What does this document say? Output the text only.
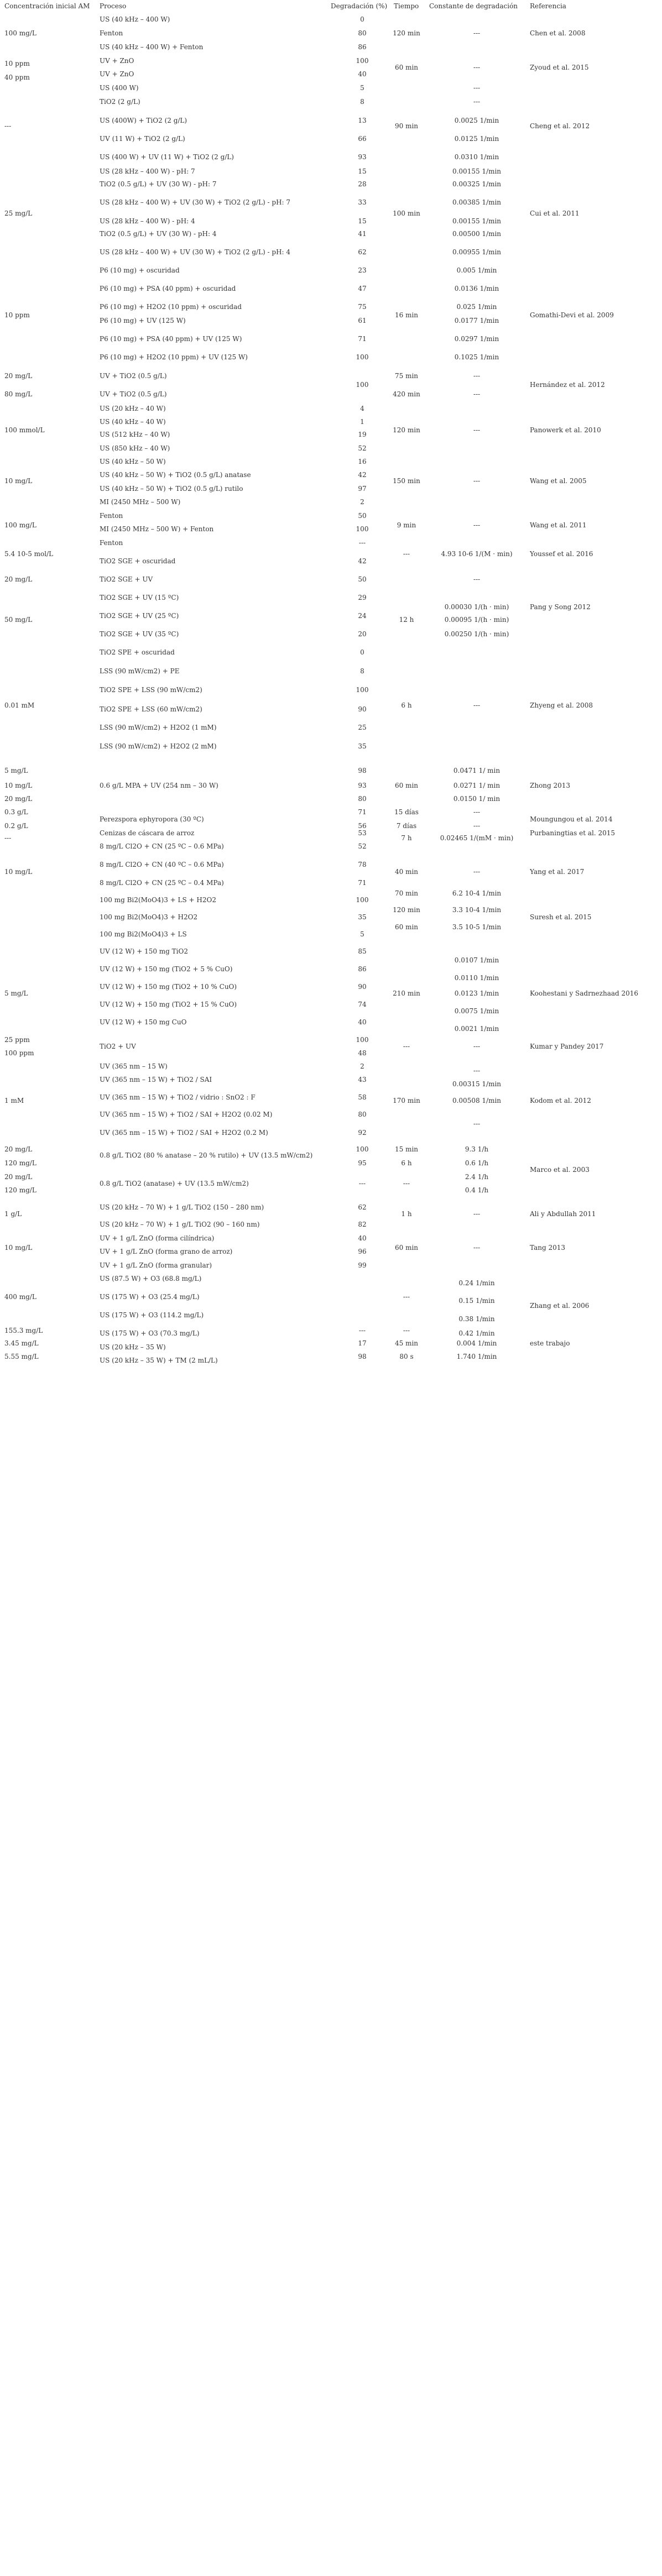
Concentración inicial AM Proceso	Degradación (%) Tiempo Constante de degradación Referencia
100 mg/L
10 ppm
40 ppm
---
25 mg/L
10 ppm
20 mg/L
80 mg/L
100 mmol/L
10 mg/L
100 mg/L
5.4 10-5 mol/L
20 mg/L
50 mg/L
0.01 mM
5 mg/L
10 mg/L
20 mg/L
0.3 g/L
0.2 g/L
---
10 mg/L
5 mg/L
25 ppm
100 ppm
1 mM
20 mg/L
120 mg/L
20 mg/L
120 mg/L
1 g/L
10 mg/L
400 mg/L
155.3 mg/L
3.45 mg/L
5.55 mg/L
US (40 kHz – 400 W)
Fenton
US (40 kHz – 400 W) + Fenton
UV + ZnO
UV + ZnO
US (400 W)
TiO2 (2 g/L)
US (400W) + TiO2 (2 g/L)
UV (11 W) + TiO2 (2 g/L)
US (400 W) + UV (11 W) + TiO2 (2 g/L)
US (28 kHz – 400 W) - pH: 7
TiO2 (0.5 g/L) + UV (30 W) - pH: 7
US (28 kHz – 400 W) + UV (30 W) + TiO2 (2 g/L) - pH: 7
US (28 kHz – 400 W) - pH: 4
TiO2 (0.5 g/L) + UV (30 W) - pH: 4
US (28 kHz – 400 W) + UV (30 W) + TiO2 (2 g/L) - pH: 4
P6 (10 mg) + oscuridad
P6 (10 mg) + PSA (40 ppm) + oscuridad
P6 (10 mg) + H2O2 (10 ppm) + oscuridad
P6 (10 mg) + UV (125 W)
P6 (10 mg) + PSA (40 ppm) + UV (125 W)
P6 (10 mg) + H2O2 (10 ppm) + UV (125 W)
UV + TiO2 (0.5 g/L)
UV + TiO2 (0.5 g/L)
US (20 kHz – 40 W)
US (40 kHz – 40 W)
US (512 kHz – 40 W)
US (850 kHz – 40 W)
US (40 kHz – 50 W)
US (40 kHz – 50 W) + TiO2 (0.5 g/L) anatase
US (40 kHz – 50 W) + TiO2 (0.5 g/L) rutilo
MI (2450 MHz – 500 W)
Fenton
MI (2450 MHz – 500 W) + Fenton
Fenton
TiO2 SGE + oscuridad
TiO2 SGE + UV
TiO2 SGE + UV (15 ºC)
TiO2 SGE + UV (25 ºC)
TiO2 SGE + UV (35 ºC)
TiO2 SPE + oscuridad
LSS (90 mW/cm2) + PE
TiO2 SPE + LSS (90 mW/cm2)
TiO2 SPE + LSS (60 mW/cm2)
LSS (90 mW/cm2) + H2O2 (1 mM)
LSS (90 mW/cm2) + H2O2 (2 mM)
0.6 g/L MPA + UV (254 nm – 30 W)
Perezspora ephyropora (30 ºC)
Cenizas de cáscara de arroz
8 mg/L Cl2O + CN (25 ºC – 0.6 MPa)
8 mg/L Cl2O + CN (40 ºC – 0.6 MPa)
8 mg/L Cl2O + CN (25 ºC – 0.4 MPa)
100 mg Bi2(MoO4)3 + LS + H2O2
100 mg Bi2(MoO4)3 + H2O2
100 mg Bi2(MoO4)3 + LS
UV (12 W) + 150 mg TiO2
UV (12 W) + 150 mg (TiO2 + 5 % CuO)
UV (12 W) + 150 mg (TiO2 + 10 % CuO)
UV (12 W) + 150 mg (TiO2 + 15 % CuO)
UV (12 W) + 150 mg CuO
TiO2 + UV
UV (365 nm – 15 W)
UV (365 nm – 15 W) + TiO2 / SAI
UV (365 nm – 15 W) + TiO2 / vidrio : SnO2 : F
UV (365 nm – 15 W) + TiO2 / SAI + H2O2 (0.02 M)
UV (365 nm – 15 W) + TiO2 / SAI + H2O2 (0.2 M)
0.8 g/L TiO2 (80 % anatase – 20 % rutilo) + UV (13.5 mW/cm2)
0.8 g/L TiO2 (anatase) + UV (13.5 mW/cm2)
US (20 kHz – 70 W) + 1 g/L TiO2 (150 – 280 nm)
US (20 kHz – 70 W) + 1 g/L TiO2 (90 – 160 nm)
UV + 1 g/L ZnO (forma cilíndrica)
UV + 1 g/L ZnO (forma grano de arroz)
UV + 1 g/L ZnO (forma granular)
US (87.5 W) + O3 (68.8 mg/L)
US (175 W) + O3 (25.4 mg/L)
US (175 W) + O3 (114.2 mg/L)
US (175 W) + O3 (70.3 mg/L)
US (20 kHz – 35 W)
US (20 kHz – 35 W) + TM (2 mL/L)
0
80
86
100
40
5
8
13
66
93
15
28
33
15
41
62
23
47
75
61
71
100
100
4
1
19
52
16
42
97
2
50
100
---
42
50
29
24
20
0
8
100
90
25
35
98
93
80
71
56
53
52
78
71
100
35
5
85
86
90
74
40
100
48
2
43
58
80
92
100
95
---
62
82
40
96
99
---
17
98
120 min
60 min
90 min
100 min
16 min
75 min
420 min
120 min
150 min
9 min
---
12 h
6 h
60 min
15 días
7 días
7 h
40 min
70 min
120 min
60 min
210 min
---
170 min
15 min
6 h
---
1 h
60 min
---
---
45 min
80 s
---
---
---
---
0.0025 1/min
0.0125 1/min
0.0310 1/min
0.00155 1/min
0.00325 1/min
0.00385 1/min
0.00155 1/min
0.00500 1/min
0.00955 1/min
0.005 1/min
0.0136 1/min
0.025 1/min
0.0177 1/min
0.0297 1/min
0.1025 1/min
---
---
---
---
---
4.93 10-6 1/(M · min)
---
0.00030 1/(h · min)
0.00095 1/(h · min)
0.00250 1/(h · min)
---
0.0471 1/ min
0.0271 1/ min
0.0150 1/ min
---
---
0.02465 1/(mM · min)
---
6.2 10-4 1/min
3.3 10-4 1/min
3.5 10-5 1/min
0.0107 1/min
0.0110 1/min
0.0123 1/min
0.0075 1/min
0.0021 1/min
---
---
0.00315 1/min
0.00508 1/min
---
9.3 1/h
0.6 1/h
2.4 1/h
0.4 1/h
---
---
0.24 1/min
0.15 1/min
0.38 1/min
0.42 1/min
0.004 1/min
1.740 1/min
Chen et al. 2008
Zyoud et al. 2015
Cheng et al. 2012
Cui et al. 2011
Gomathi-Devi et al. 2009
Hernández et al. 2012
Panowerk et al. 2010
Wang et al. 2005
Wang et al. 2011
Youssef et al. 2016
Pang y Song 2012
Zhyeng et al. 2008
Zhong 2013
Moungungou et al. 2014
Purbaningtias et al. 2015
Yang et al. 2017
Suresh et al. 2015
Koohestani y Sadrnezhaad 2016
Kumar y Pandey 2017
Kodom et al. 2012
Marco et al. 2003
Ali y Abdullah 2011
Tang 2013
Zhang et al. 2006
este trabajo
